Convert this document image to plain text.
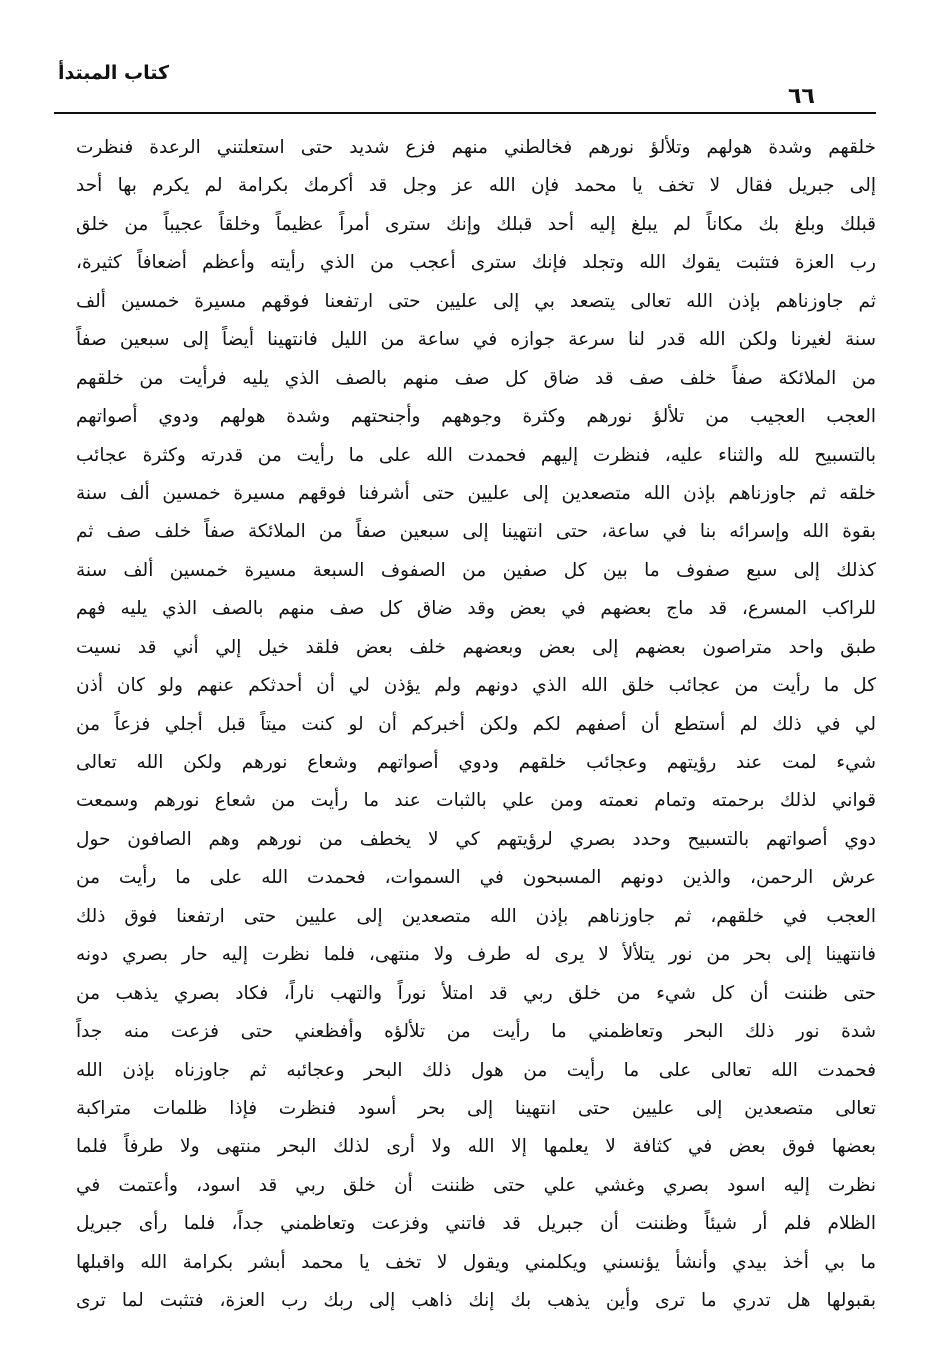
كتاب المبتدأ
٦٦
خلقهم وشدة هولهم وتلألؤ نورهم فخالطني منهم فزع شديد حتى استعلتني الرعدة فنظرت
إلى جبريل فقال لا تخف يا محمد فإن الله عز وجل قد أكرمك بكرامة لم يكرم بها أحد
قبلك وبلغ بك مكاناً لم يبلغ إليه أحد قبلك وإنك سترى أمراً عظيماً وخلقاً عجيباً من خلق
رب العزة فتثبت يقوك الله وتجلد فإنك سترى أعجب من الذي رأيته وأعظم أضعافاً كثيرة،
ثم جاوزناهم بإذن الله تعالى يتصعد بي إلى عليين حتى ارتفعنا فوقهم مسيرة خمسين ألف
سنة لغيرنا ولكن الله قدر لنا سرعة جوازه في ساعة من الليل فانتهينا أيضاً إلى سبعين صفاً
من الملائكة صفاً خلف صف قد ضاق كل صف منهم بالصف الذي يليه فرأيت من خلقهم
العجب العجيب من تلألؤ نورهم وكثرة وجوههم وأجنحتهم وشدة هولهم ودوي أصواتهم
بالتسبيح لله والثناء عليه، فنظرت إليهم فحمدت الله على ما رأيت من قدرته وكثرة عجائب
خلقه ثم جاوزناهم بإذن الله متصعدين إلى عليين حتى أشرفنا فوقهم مسيرة خمسين ألف سنة
بقوة الله وإسرائه بنا في ساعة، حتى انتهينا إلى سبعين صفاً من الملائكة صفاً خلف صف ثم
كذلك إلى سبع صفوف ما بين كل صفين من الصفوف السبعة مسيرة خمسين ألف سنة
للراكب المسرع، قد ماج بعضهم في بعض وقد ضاق كل صف منهم بالصف الذي يليه فهم
طبق واحد متراصون بعضهم إلى بعض وبعضهم خلف بعض فلقد خيل إلي أني قد نسيت
كل ما رأيت من عجائب خلق الله الذي دونهم ولم يؤذن لي أن أحدثكم عنهم ولو كان أذن
لي في ذلك لم أستطع أن أصفهم لكم ولكن أخبركم أن لو كنت ميتاً قبل أجلي فزعاً من
شيء لمت عند رؤيتهم وعجائب خلقهم ودوي أصواتهم وشعاع نورهم ولكن الله تعالى
قواني لذلك برحمته وتمام نعمته ومن علي بالثبات عند ما رأيت من شعاع نورهم وسمعت
دوي أصواتهم بالتسبيح وحدد بصري لرؤيتهم كي لا يخطف من نورهم وهم الصافون حول
عرش الرحمن، والذين دونهم المسبحون في السموات، فحمدت الله على ما رأيت من
العجب في خلقهم، ثم جاوزناهم بإذن الله متصعدين إلى عليين حتى ارتفعنا فوق ذلك
فانتهينا إلى بحر من نور يتلألأ لا يرى له طرف ولا منتهى، فلما نظرت إليه حار بصري دونه
حتى ظننت أن كل شيء من خلق ربي قد امتلأ نوراً والتهب ناراً، فكاد بصري يذهب من
شدة نور ذلك البحر وتعاظمني ما رأيت من تلألؤه وأفظعني حتى فزعت منه جداً
فحمدت الله تعالى على ما رأيت من هول ذلك البحر وعجائبه ثم جاوزناه بإذن الله
تعالى متصعدين إلى عليين حتى انتهينا إلى بحر أسود فنظرت فإذا ظلمات متراكبة
بعضها فوق بعض في كثافة لا يعلمها إلا الله ولا أرى لذلك البحر منتهى ولا طرفاً فلما
نظرت إليه اسود بصري وغشي علي حتى ظننت أن خلق ربي قد اسود، وأعتمت في
الظلام فلم أر شيئاً وظننت أن جبريل قد فاتني وفزعت وتعاظمني جداً، فلما رأى جبريل
ما بي أخذ بيدي وأنشأ يؤنسني ويكلمني ويقول لا تخف يا محمد أبشر بكرامة الله واقبلها
بقبولها هل تدري ما ترى وأين يذهب بك إنك ذاهب إلى ربك رب العزة، فتثبت لما ترى
